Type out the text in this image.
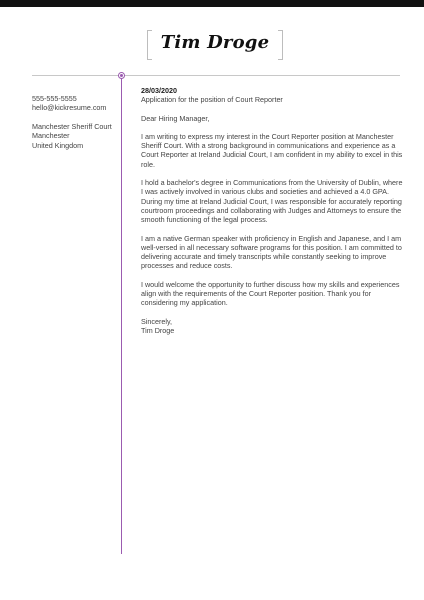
Tim Droge
555-555-5555
hello@kickresume.com
Manchester Sheriff Court
Manchester
United Kingdom
28/03/2020
Application for the position of Court Reporter

Dear Hiring Manager,

I am writing to express my interest in the Court Reporter position at Manchester Sheriff Court. With a strong background in communications and experience as a Court Reporter at Ireland Judicial Court, I am confident in my ability to excel in this role.

I hold a bachelor's degree in Communications from the University of Dublin, where I was actively involved in various clubs and societies and achieved a 4.0 GPA. During my time at Ireland Judicial Court, I was responsible for accurately reporting courtroom proceedings and collaborating with Judges and Attorneys to ensure the smooth functioning of the legal process.

I am a native German speaker with proficiency in English and Japanese, and I am well-versed in all necessary software programs for this position. I am committed to delivering accurate and timely transcripts while constantly seeking to improve processes and reduce costs.

I would welcome the opportunity to further discuss how my skills and experiences align with the requirements of the Court Reporter position. Thank you for considering my application.

Sincerely,
Tim Droge
